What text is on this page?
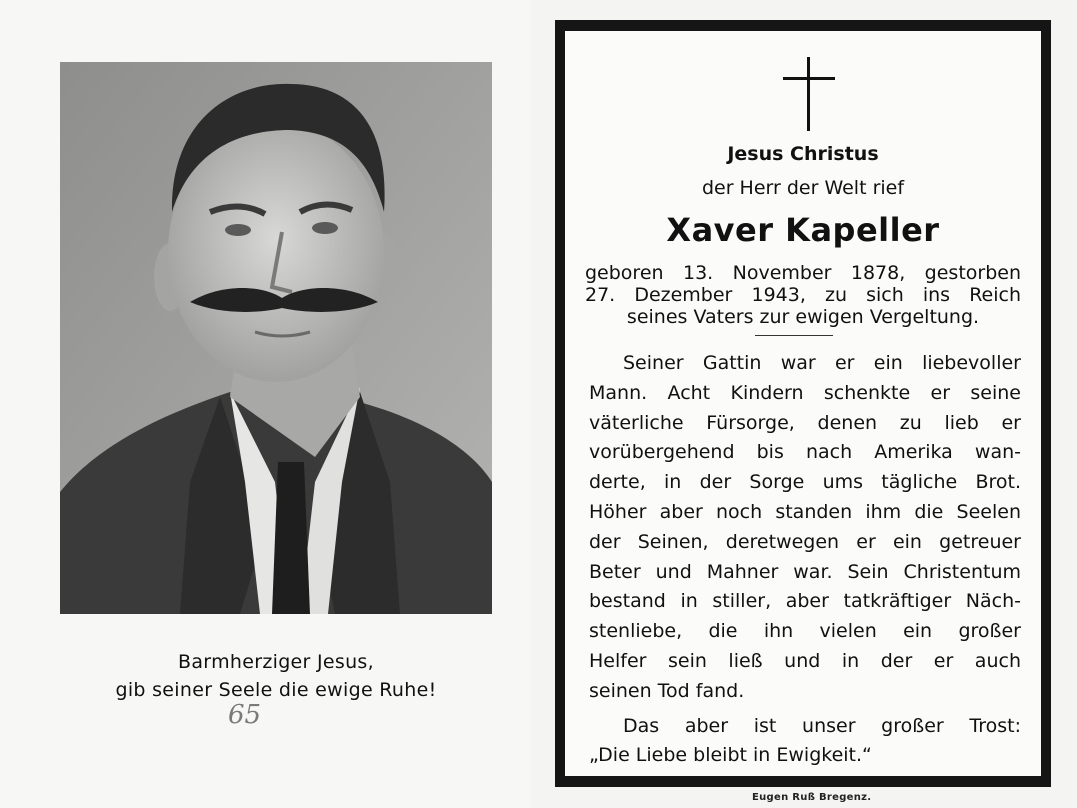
Barmherziger Jesus,
gib seiner Seele die ewige Ruhe!
65
Jesus Christus
der Herr der Welt rief
Xaver Kapeller
geboren 13. November 1878, gestorben
27. Dezember 1943, zu sich ins Reich
seines Vaters zur ewigen Vergeltung.
Seiner Gattin war er ein liebevoller
Mann. Acht Kindern schenkte er seine
väterliche Fürsorge, denen zu lieb er
vorübergehend bis nach Amerika wan-
derte, in der Sorge ums tägliche Brot.
Höher aber noch standen ihm die Seelen
der Seinen, deretwegen er ein getreuer
Beter und Mahner war. Sein Christentum
bestand in stiller, aber tatkräftiger Näch-
stenliebe, die ihn vielen ein großer
Helfer sein ließ und in der er auch
seinen Tod fand.
Das aber ist unser großer Trost:
„Die Liebe bleibt in Ewigkeit.“
Eugen Ruß Bregenz.
